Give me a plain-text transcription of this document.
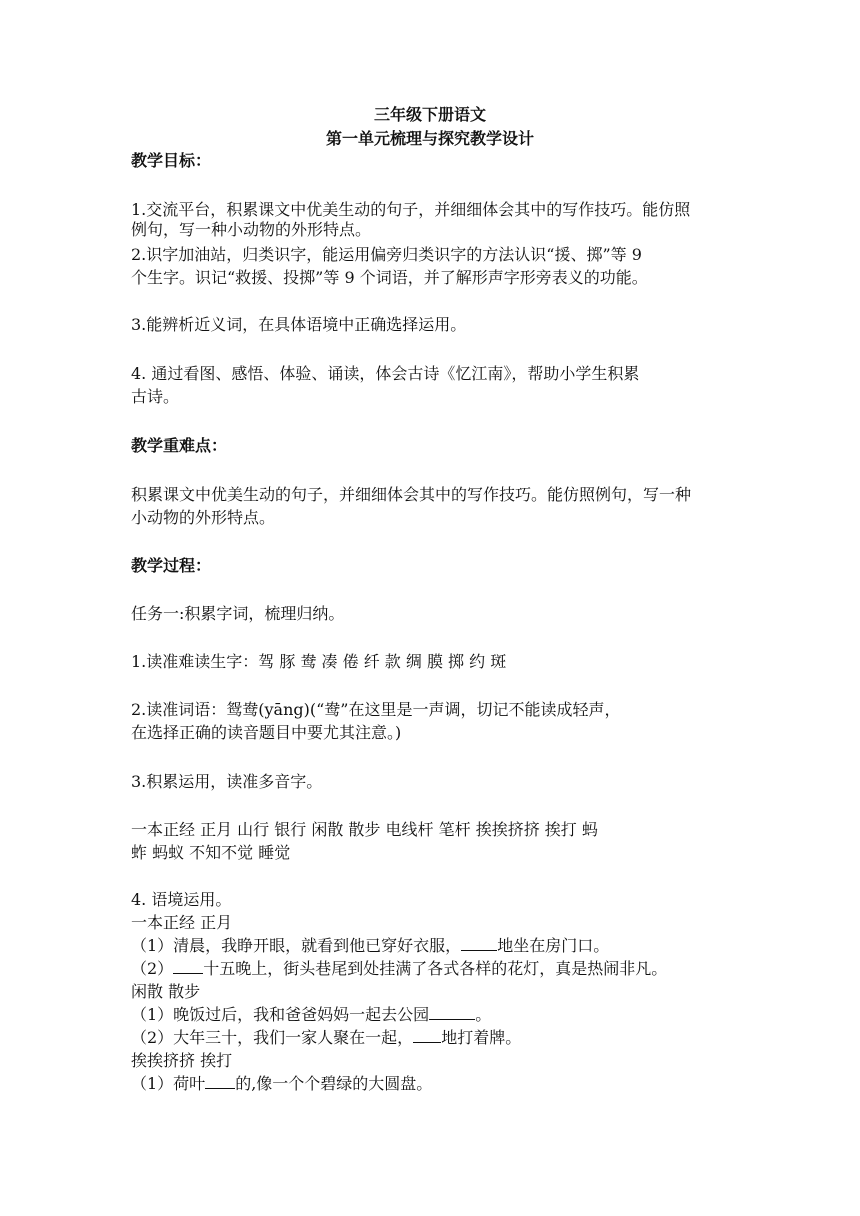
三年级下册语文
第一单元梳理与探究教学设计
教学目标：
1.交流平台，积累课文中优美生动的句子，并细细体会其中的写作技巧。能仿照
例句，写一种小动物的外形特点。
2.识字加油站，归类识字，能运用偏旁归类识字的方法认识“援、掷”等 9
个生字。识记“救援、投掷”等 9 个词语，并了解形声字形旁表义的功能。
3.能辨析近义词，在具体语境中正确选择运用。
4. 通过看图、感悟、体验、诵读，体会古诗《忆江南》，帮助小学生积累
古诗。
教学重难点：
积累课文中优美生动的句子，并细细体会其中的写作技巧。能仿照例句，写一种
小动物的外形特点。
教学过程：
任务一:积累字词，梳理归纳。
1.读准难读生字：驾 豚 鸯 凑 倦 纤 款 绸 膜 掷 约 斑
2.读准词语：鸳鸯(yāng)(“鸯”在这里是一声调，切记不能读成轻声，
在选择正确的读音题目中要尤其注意。)
3.积累运用，读准多音字。
一本正经 正月 山行 银行 闲散 散步 电线杆 笔杆 挨挨挤挤 挨打 蚂
蚱 蚂蚁 不知不觉 睡觉
4. 语境运用。
一本正经 正月
（1）清晨，我睁开眼，就看到他已穿好衣服， 地坐在房门口。
（2） 十五晚上，街头巷尾到处挂满了各式各样的花灯，真是热闹非凡。
闲散 散步
（1）晚饭过后，我和爸爸妈妈一起去公园	。
（2）大年三十，我们一家人聚在一起， 地打着牌。
挨挨挤挤 挨打
（1）荷叶 的,像一个个碧绿的大圆盘。
